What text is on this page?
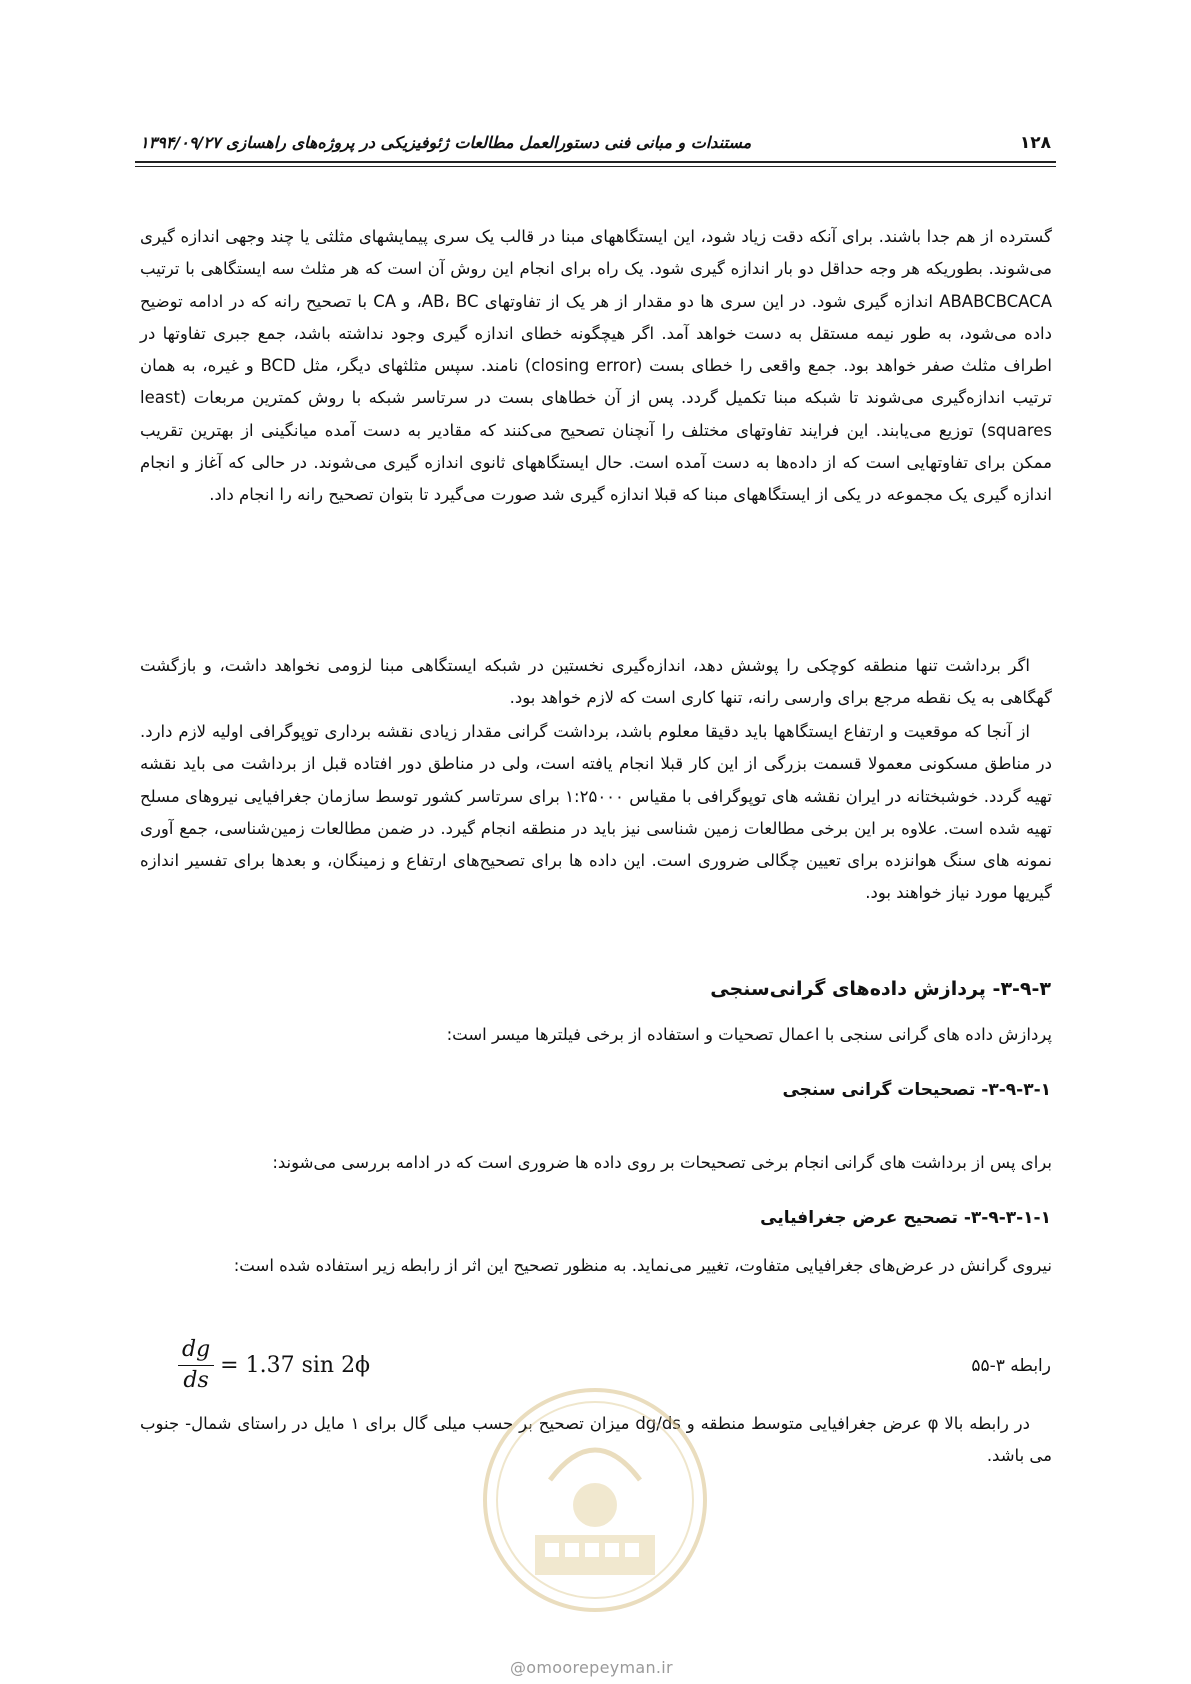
۱۲۸
مستندات و مبانی فنی دستورالعمل مطالعات ژئوفیزیکی در پروژه‌های راهسازی ۱۳۹۴/۰۹/۲۷
گسترده از هم جدا باشند. برای آنکه دقت زیاد شود، این ایستگاههای مبنا در قالب یک سری پیمایشهای مثلثی یا چند وجهی اندازه گیری می‌شوند. بطوریکه هر وجه حداقل دو بار اندازه گیری شود. یک راه برای انجام این روش آن است که هر مثلث سه ایستگاهی با ترتیب ABABCBCACA اندازه گیری شود. در این سری ها دو مقدار از هر یک از تفاوتهای AB، BC، و CA با تصحیح رانه که در ادامه توضیح داده می‌شود، به طور نیمه مستقل به دست خواهد آمد. اگر هیچگونه خطای اندازه گیری وجود نداشته باشد، جمع جبری تفاوتها در اطراف مثلث صفر خواهد بود. جمع واقعی را خطای بست (closing error) نامند. سپس مثلثهای دیگر، مثل BCD و غیره، به همان ترتیب اندازه‌گیری می‌شوند تا شبکه مبنا تکمیل گردد. پس از آن خطاهای بست در سرتاسر شبکه با روش کمترین مربعات (least squares) توزیع می‌یابند. این فرایند تفاوتهای مختلف را آنچنان تصحیح می‌کنند که مقادیر به دست آمده میانگینی از بهترین تقریب ممکن برای تفاوتهایی است که از داده‌ها به دست آمده است. حال ایستگاههای ثانوی اندازه گیری می‌شوند. در حالی که آغاز و انجام اندازه گیری یک مجموعه در یکی از ایستگاههای مبنا که قبلا اندازه گیری شد صورت می‌گیرد تا بتوان تصحیح رانه را انجام داد.
اگر برداشت تنها منطقه کوچکی را پوشش دهد، اندازه‌گیری نخستین در شبکه ایستگاهی مبنا لزومی نخواهد داشت، و بازگشت گهگاهی به یک نقطه مرجع برای وارسی رانه، تنها کاری است که لازم خواهد بود.
از آنجا که موقعیت و ارتفاع ایستگاهها باید دقیقا معلوم باشد، برداشت گرانی مقدار زیادی نقشه برداری توپوگرافی اولیه لازم دارد. در مناطق مسکونی معمولا قسمت بزرگی از این کار قبلا انجام یافته است، ولی در مناطق دور افتاده قبل از برداشت می باید نقشه تهیه گردد. خوشبختانه در ایران نقشه های توپوگرافی با مقیاس ۱:۲۵۰۰۰ برای سرتاسر کشور توسط سازمان جغرافیایی نیروهای مسلح تهیه شده است. علاوه بر این برخی مطالعات زمین شناسی نیز باید در منطقه انجام گیرد. در ضمن مطالعات زمین‌شناسی، جمع آوری نمونه های سنگ هوانزده برای تعیین چگالی ضروری است. این داده ها برای تصحیح‌های ارتفاع و زمینگان، و بعدها برای تفسیر اندازه گیریها مورد نیاز خواهند بود.
۳-۹-۳- پردازش داده‌های گرانی‌سنجی
پردازش داده های گرانی سنجی با اعمال تصحیات و استفاده از برخی فیلترها میسر است:
۳-۹-۳-۱- تصحیحات گرانی سنجی
برای پس از برداشت های گرانی انجام برخی تصحیحات بر روی داده ها ضروری است که در ادامه بررسی می‌شوند:
۳-۹-۳-۱-۱- تصحیح عرض جغرافیایی
نیروی گرانش در عرض‌های جغرافیایی متفاوت، تغییر می‌نماید. به منظور تصحیح این اثر از رابطه زیر استفاده شده است:
رابطه ۳-۵۵
$\frac{dg}{ds} = 1.37$ sin 2ϕ
در رابطه بالا φ عرض جغرافیایی متوسط منطقه و dg/ds میزان تصحیح بر حسب میلی گال برای ۱ مایل در راستای شمال- جنوب می باشد.
@omoorepeyman.ir
